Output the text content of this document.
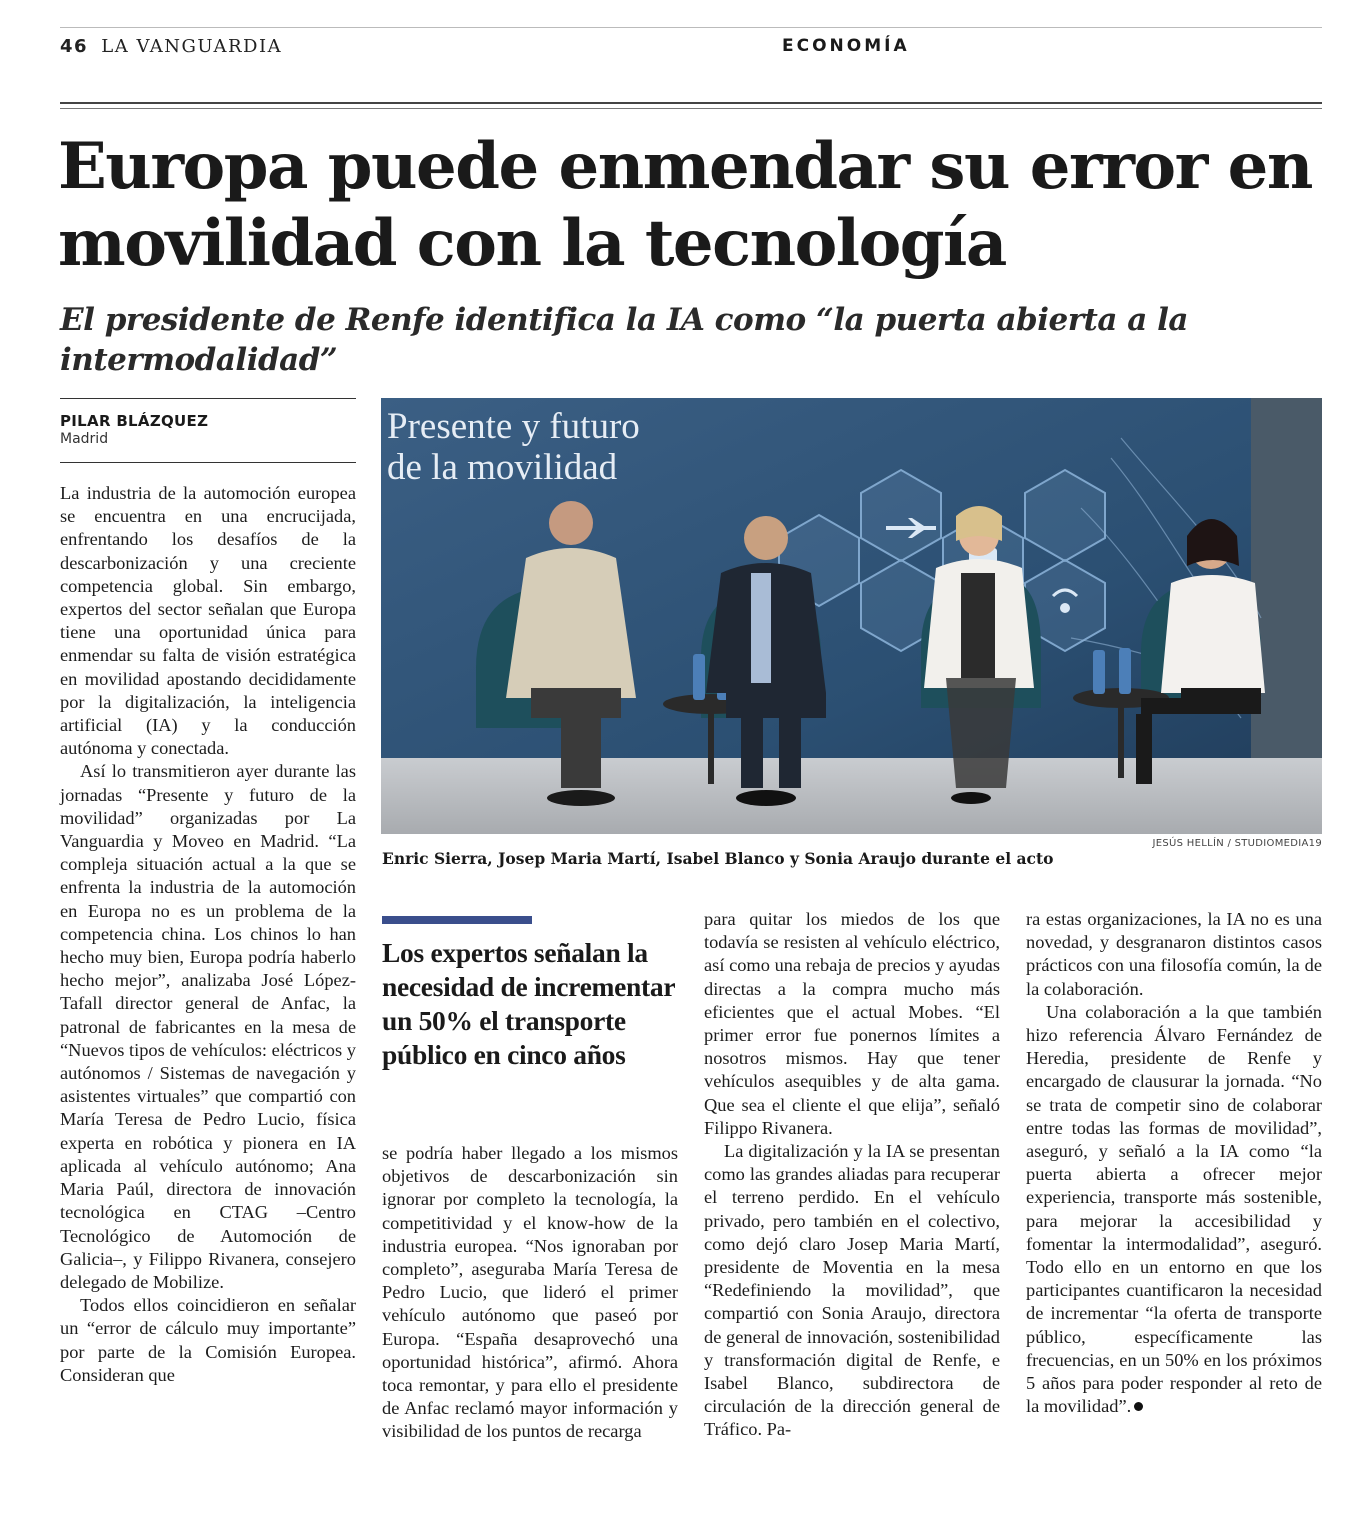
46 LA VANGUARDIA	ECONOMÍA
Europa puede enmendar su error en movilidad con la tecnología
El presidente de Renfe identifica la IA como “la puerta abierta a la intermodalidad”
PILAR BLÁZQUEZ
Madrid

La industria de la automoción europea se encuentra en una encrucijada, enfrentando los desafíos de la descarbonización y una creciente competencia global. Sin embargo, expertos del sector señalan que Europa tiene una oportunidad única para enmendar su falta de visión estratégica en movilidad apostando decididamente por la digitalización, la inteligencia artificial (IA) y la conducción autónoma y conectada.

Así lo transmitieron ayer durante las jornadas “Presente y futuro de la movilidad” organizadas por La Vanguardia y Moveo en Madrid. “La compleja situación actual a la que se enfrenta la industria de la automoción en Europa no es un problema de la competencia china. Los chinos lo han hecho muy bien, Europa podría haberlo hecho mejor”, analizaba José López-Tafall director general de Anfac, la patronal de fabricantes en la mesa de “Nuevos tipos de vehículos: eléctricos y autónomos / Sistemas de navegación y asistentes virtuales” que compartió con María Teresa de Pedro Lucio, física experta en robótica y pionera en IA aplicada al vehículo autónomo; Ana Maria Paúl, directora de innovación tecnológica en CTAG –Centro Tecnológico de Automoción de Galicia–, y Filippo Rivanera, consejero delegado de Mobilize.

Todos ellos coincidieron en señalar un “error de cálculo muy importante” por parte de la Comisión Europea. Consideran que

Presente y futuro
de la movilidad
JESÚS HELLÍN / STUDIOMEDIA19
Enric Sierra, Josep Maria Martí, Isabel Blanco y Sonia Araujo durante el acto
Los expertos señalan la necesidad de incrementar un 50% el transporte público en cinco años

se podría haber llegado a los mismos objetivos de descarbonización sin ignorar por completo la tecnología, la competitividad y el know-how de la industria europea. “Nos ignoraban por completo”, aseguraba María Teresa de Pedro Lucio, que lideró el primer vehículo autónomo que paseó por Europa. “España desaprovechó una oportunidad histórica”, afirmó. Ahora toca remontar, y para ello el presidente de Anfac reclamó mayor información y visibilidad de los puntos de recarga

para quitar los miedos de los que todavía se resisten al vehículo eléctrico, así como una rebaja de precios y ayudas directas a la compra mucho más eficientes que el actual Mobes. “El primer error fue ponernos límites a nosotros mismos. Hay que tener vehículos asequibles y de alta gama. Que sea el cliente el que elija”, señaló Filippo Rivanera.

La digitalización y la IA se presentan como las grandes aliadas para recuperar el terreno perdido. En el vehículo privado, pero también en el colectivo, como dejó claro Josep Maria Martí, presidente de Moventia en la mesa “Redefiniendo la movilidad”, que compartió con Sonia Araujo, directora de general de innovación, sostenibilidad y transformación digital de Renfe, e Isabel Blanco, subdirectora de circulación de la dirección general de Tráfico. Pa-

ra estas organizaciones, la IA no es una novedad, y desgranaron distintos casos prácticos con una filosofía común, la de la colaboración.

Una colaboración a la que también hizo referencia Álvaro Fernández de Heredia, presidente de Renfe y encargado de clausurar la jornada. “No se trata de competir sino de colaborar entre todas las formas de movilidad”, aseguró, y señaló a la IA como “la puerta abierta a ofrecer mejor experiencia, transporte más sostenible, para mejorar la accesibilidad y fomentar la intermodalidad”, aseguró. Todo ello en un entorno en que los participantes cuantificaron la necesidad de incrementar “la oferta de transporte público, específicamente las frecuencias, en un 50% en los próximos 5 años para poder responder al reto de la movilidad”.
